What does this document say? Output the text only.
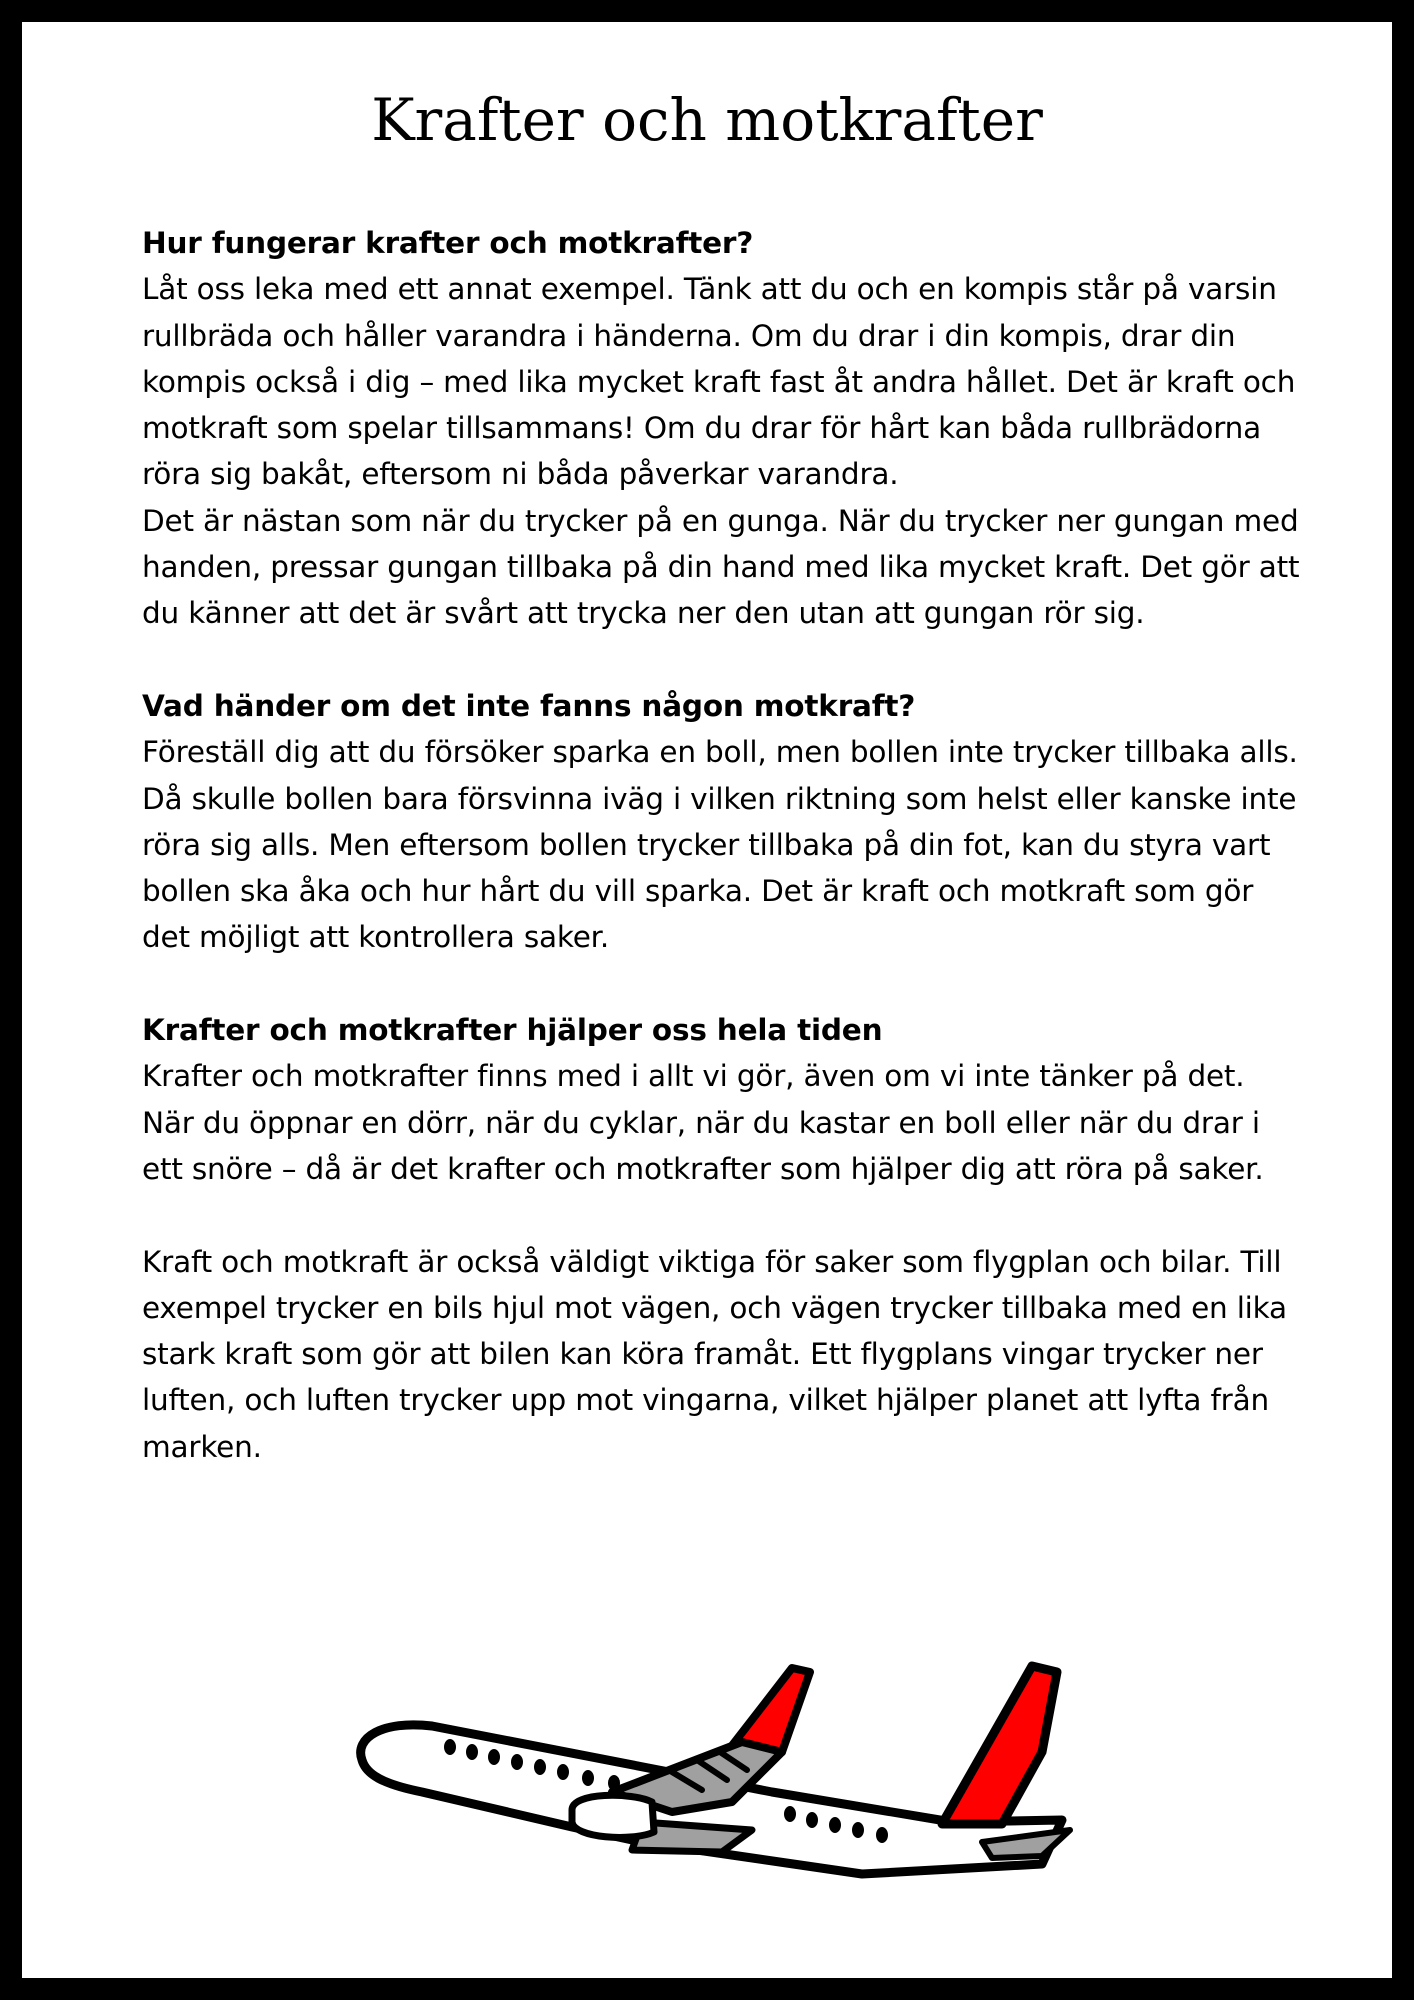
Krafter och motkrafter
Hur fungerar krafter och motkrafter?

Låt oss leka med ett annat exempel. Tänk att du och en kompis står på varsin rullbräda och håller varandra i händerna. Om du drar i din kompis, drar din kompis också i dig – med lika mycket kraft fast åt andra hållet. Det är kraft och motkraft som spelar tillsammans! Om du drar för hårt kan båda rullbrädorna röra sig bakåt, eftersom ni båda påverkar varandra.

Det är nästan som när du trycker på en gunga. När du trycker ner gungan med handen, pressar gungan tillbaka på din hand med lika mycket kraft. Det gör att du känner att det är svårt att trycka ner den utan att gungan rör sig.

Vad händer om det inte fanns någon motkraft?

Föreställ dig att du försöker sparka en boll, men bollen inte trycker tillbaka alls. Då skulle bollen bara försvinna iväg i vilken riktning som helst eller kanske inte röra sig alls. Men eftersom bollen trycker tillbaka på din fot, kan du styra vart bollen ska åka och hur hårt du vill sparka. Det är kraft och motkraft som gör det möjligt att kontrollera saker.

Krafter och motkrafter hjälper oss hela tiden

Krafter och motkrafter finns med i allt vi gör, även om vi inte tänker på det. När du öppnar en dörr, när du cyklar, när du kastar en boll eller när du drar i ett snöre – då är det krafter och motkrafter som hjälper dig att röra på saker.

Kraft och motkraft är också väldigt viktiga för saker som flygplan och bilar. Till exempel trycker en bils hjul mot vägen, och vägen trycker tillbaka med en lika stark kraft som gör att bilen kan köra framåt. Ett flygplans vingar trycker ner luften, och luften trycker upp mot vingarna, vilket hjälper planet att lyfta från marken.
